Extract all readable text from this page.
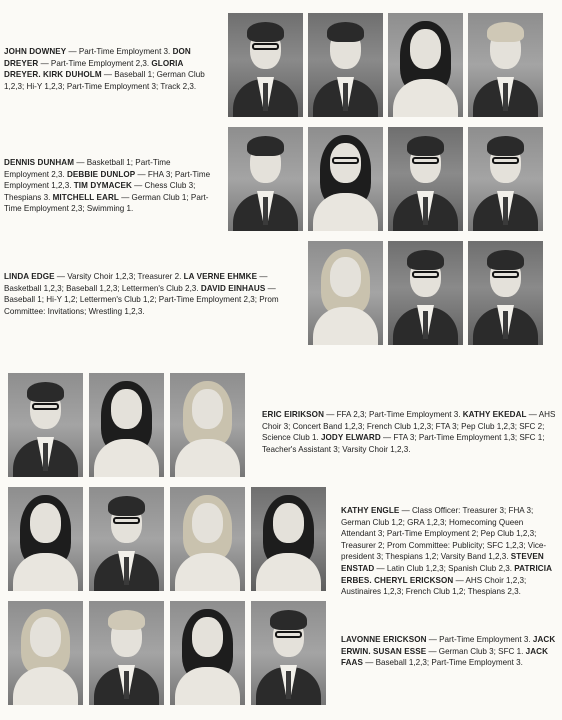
JOHN DOWNEY — Part-Time Employment 3. DON DREYER — Part-Time Employment 2,3. GLORIA DREYER. KIRK DUHOLM — Baseball 1; German Club 1,2,3; Hi-Y 1,2,3; Part-Time Employment 3; Track 2,3.
DENNIS DUNHAM — Basketball 1; Part-Time Employment 2,3. DEBBIE DUNLOP — FHA 3; Part-Time Employment 1,2,3. TIM DYMACEK — Chess Club 3; Thespians 3. MITCHELL EARL — German Club 1; Part-Time Employment 2,3; Swimming 1.
LINDA EDGE — Varsity Choir 1,2,3; Treasurer 2. LA VERNE EHMKE — Basketball 1,2,3; Baseball 1,2,3; Lettermen's Club 2,3. DAVID EINHAUS — Baseball 1; Hi-Y 1,2; Lettermen's Club 1,2; Part-Time Employment 2,3; Prom Committee: Invitations; Wrestling 1,2,3.
ERIC EIRIKSON — FFA 2,3; Part-Time Employment 3. KATHY EKEDAL — AHS Choir 3; Concert Band 1,2,3; French Club 1,2,3; FTA 3; Pep Club 1,2,3; SFC 2; Science Club 1. JODY ELWARD — FTA 3; Part-Time Employment 1,3; SFC 1; Teacher's Assistant 3; Varsity Choir 1,2,3.
KATHY ENGLE — Class Officer: Treasurer 3; FHA 3; German Club 1,2; GRA 1,2,3; Homecoming Queen Attendant 3; Part-Time Employment 2; Pep Club 1,2,3; Treasurer 2; Prom Committee: Publicity; SFC 1,2,3; Vice-president 3; Thespians 1,2; Varsity Band 1,2,3. STEVEN ENSTAD — Latin Club 1,2,3; Spanish Club 2,3. PATRICIA ERBES. CHERYL ERICKSON — AHS Choir 1,2,3; Austinaires 1,2,3; French Club 1,2; Thespians 2,3.
LAVONNE ERICKSON — Part-Time Employment 3. JACK ERWIN. SUSAN ESSE — German Club 3; SFC 1. JACK FAAS — Baseball 1,2,3; Part-Time Employment 3.
